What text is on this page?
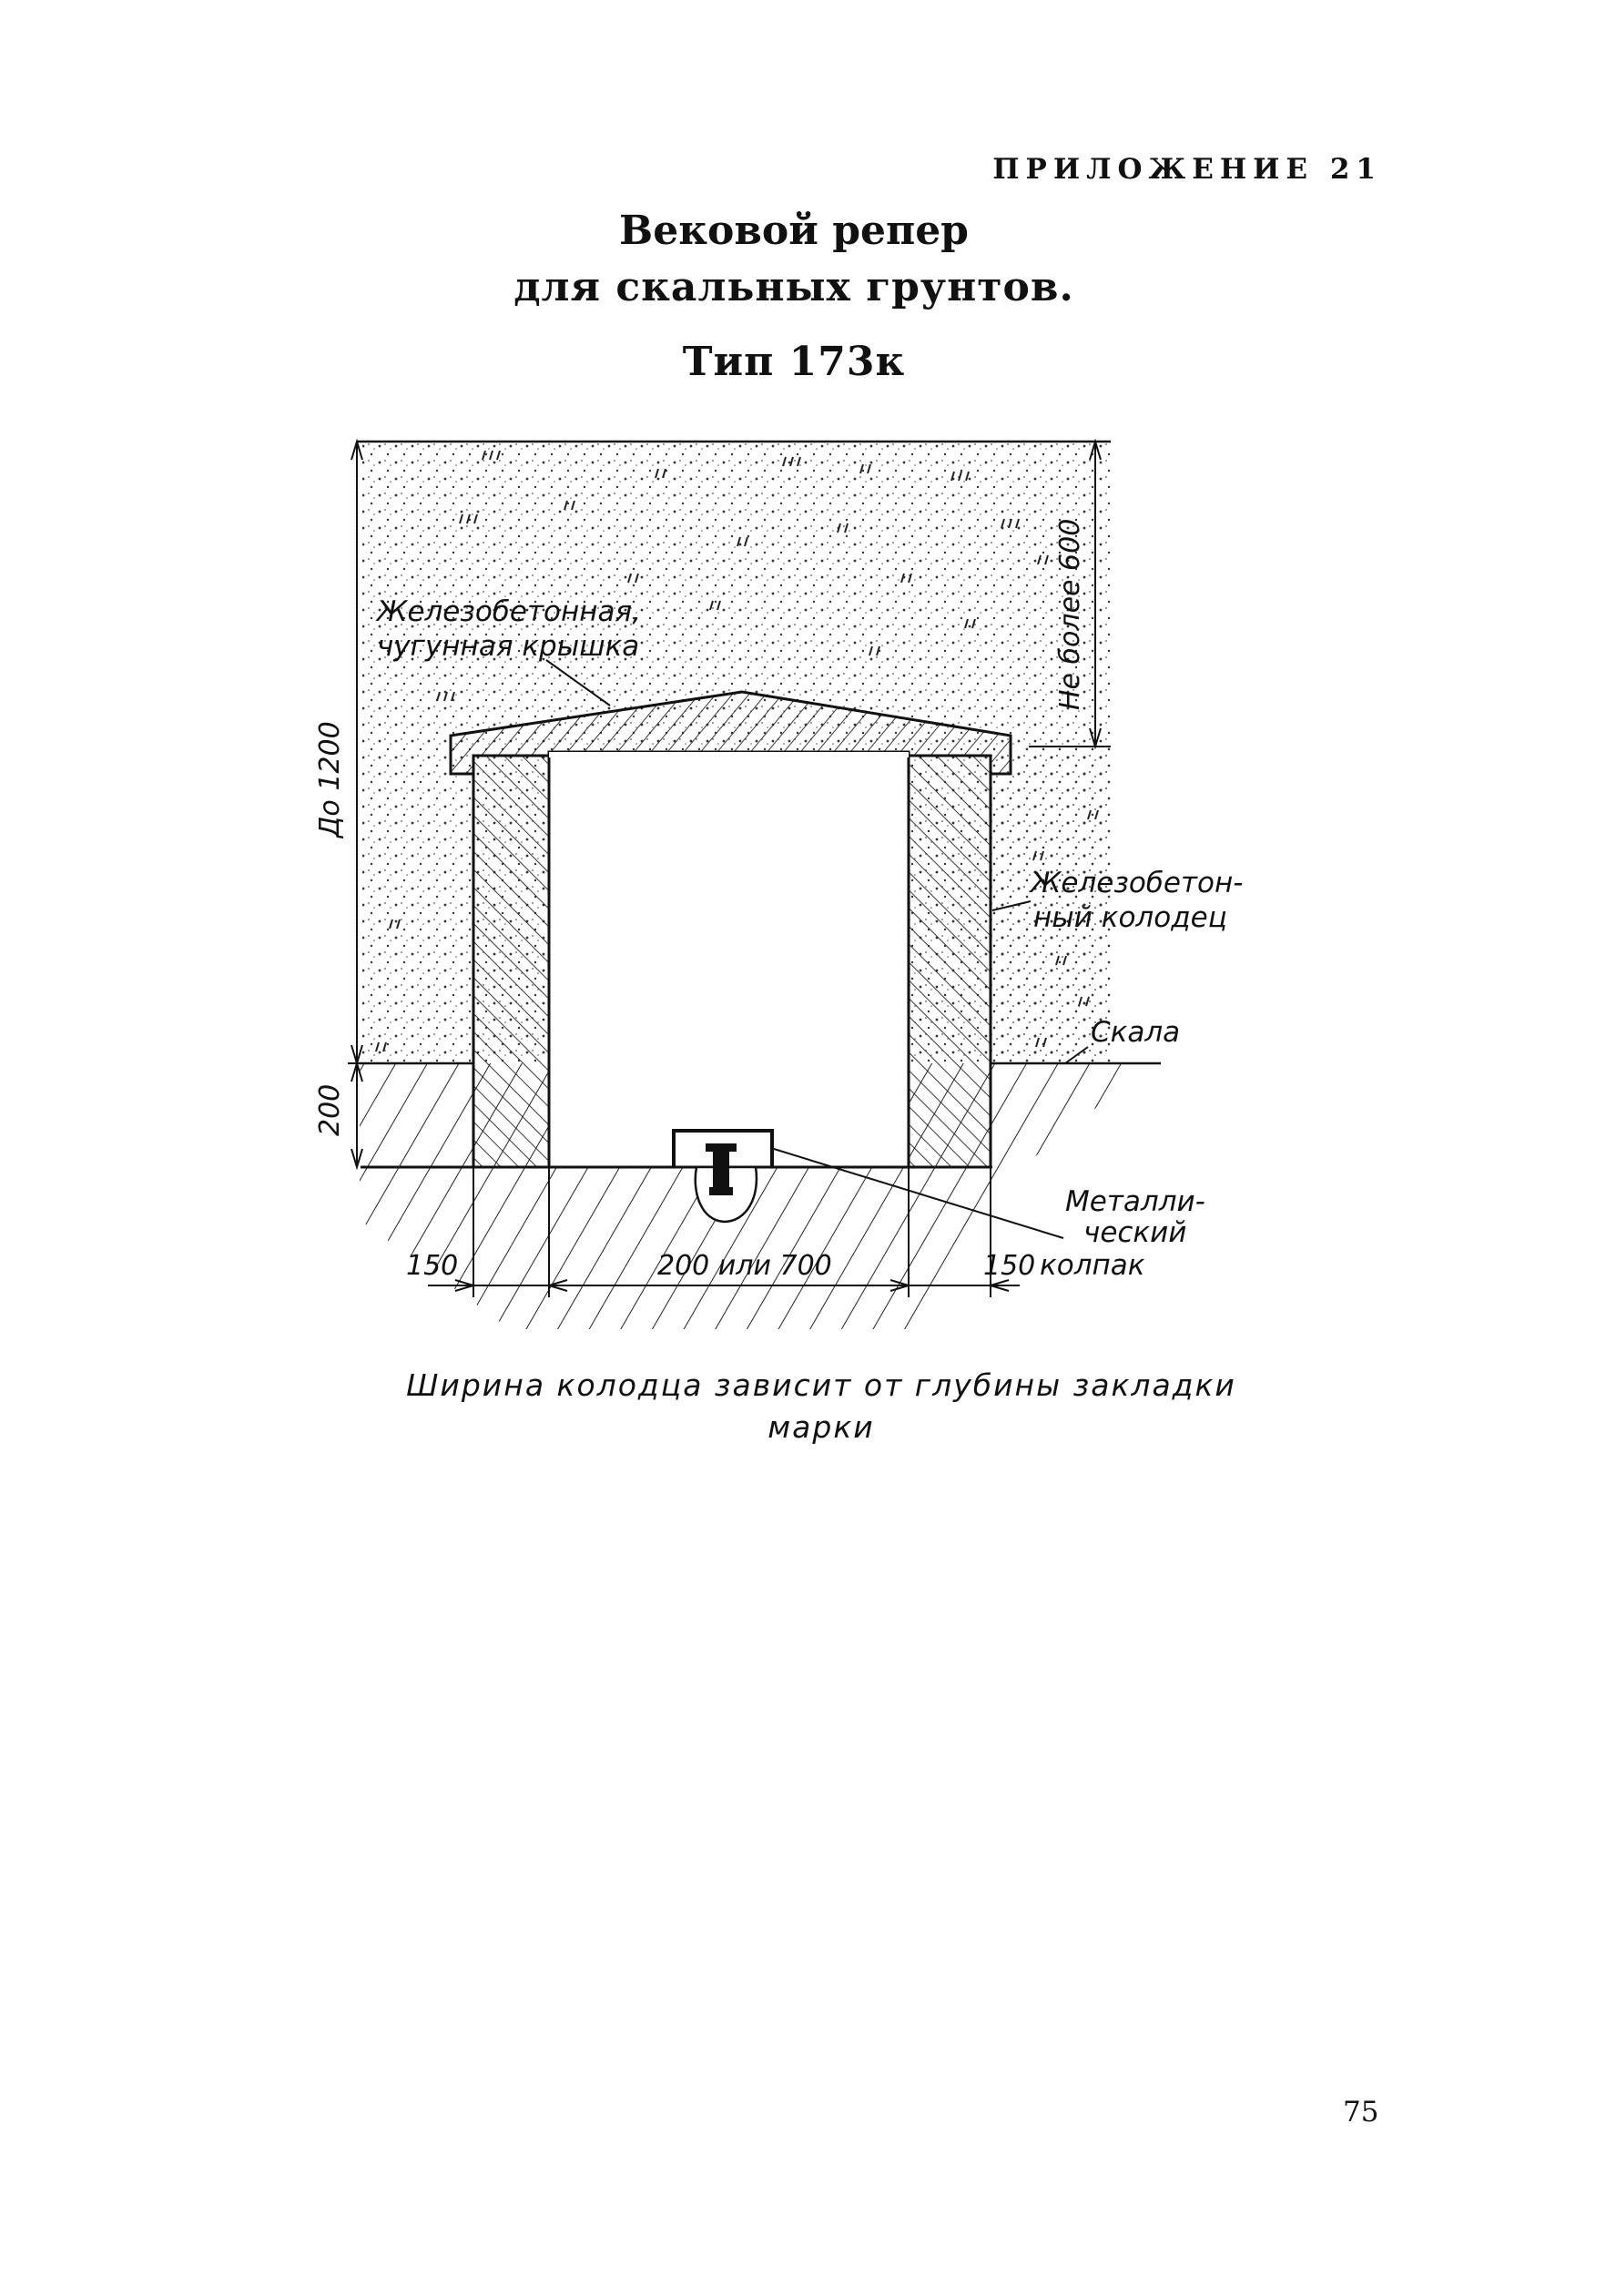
ПРИЛОЖЕНИЕ 21
Вековой репер
для скальных грунтов.
Тип 173к
До 1200
200
Не более 600
150	200 или 700	150
Железобетонная,
чугунная крышка
Железобетон-
ный колодец
Скала
Металли-
ческий
колпак
Ширина колодца зависит от глубины закладки
марки
75
